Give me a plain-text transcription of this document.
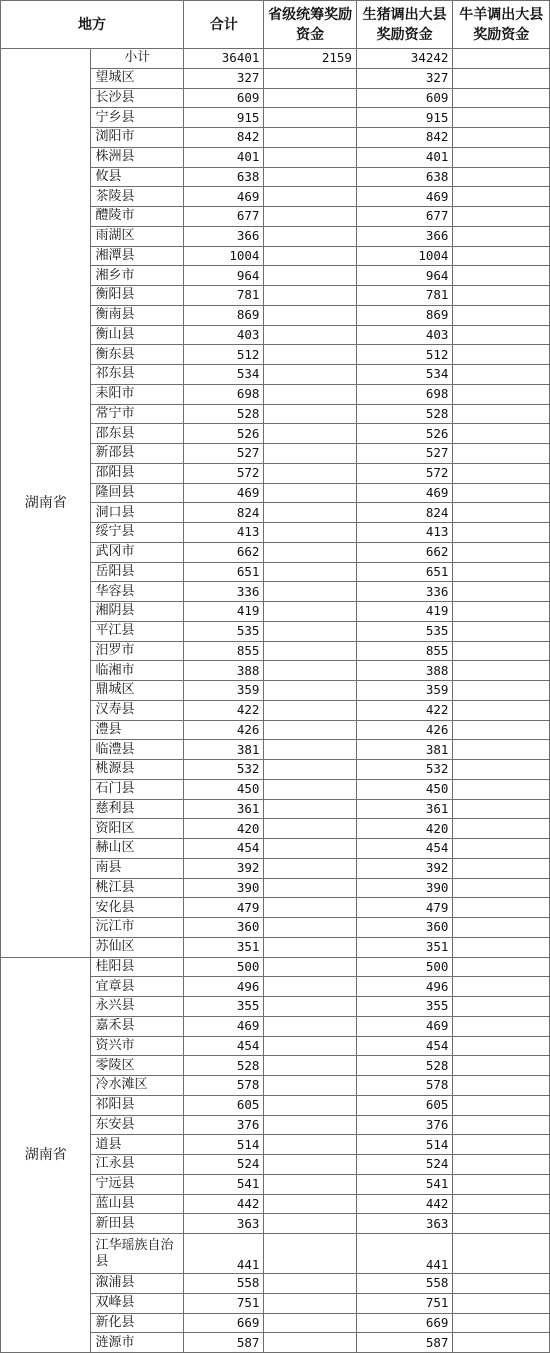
地方		合计	省级统筹奖励资金	生猪调出大县奖励资金	牛羊调出大县奖励资金
湖南省	小计	36401	2159	34242	
	望城区	327		327	
	长沙县	609		609	
	宁乡县	915		915	
	浏阳市	842		842	
	株洲县	401		401	
	攸县	638		638	
	茶陵县	469		469	
	醴陵市	677		677	
	雨湖区	366		366	
	湘潭县	1004		1004	
	湘乡市	964		964	
	衡阳县	781		781	
	衡南县	869		869	
	衡山县	403		403	
	衡东县	512		512	
	祁东县	534		534	
	耒阳市	698		698	
	常宁市	528		528	
	邵东县	526		526	
	新邵县	527		527	
	邵阳县	572		572	
	隆回县	469		469	
	洞口县	824		824	
	绥宁县	413		413	
	武冈市	662		662	
	岳阳县	651		651	
	华容县	336		336	
	湘阴县	419		419	
	平江县	535		535	
	汨罗市	855		855	
	临湘市	388		388	
	鼎城区	359		359	
	汉寿县	422		422	
	澧县	426		426	
	临澧县	381		381	
	桃源县	532		532	
	石门县	450		450	
	慈利县	361		361	
	资阳区	420		420	
	赫山区	454		454	
	南县	392		392	
	桃江县	390		390	
	安化县	479		479	
	沅江市	360		360	
	苏仙区	351		351	
湖南省	桂阳县	500		500	
	宜章县	496		496	
	永兴县	355		355	
	嘉禾县	469		469	
	资兴市	454		454	
	零陵区	528		528	
	冷水滩区	578		578	
	祁阳县	605		605	
	东安县	376		376	
	道县	514		514	
	江永县	524		524	
	宁远县	541		541	
	蓝山县	442		442	
	新田县	363		363	
	江华瑶族自治县	441		441	
	溆浦县	558		558	
	双峰县	751		751	
	新化县	669		669	
	涟源市	587		587	
